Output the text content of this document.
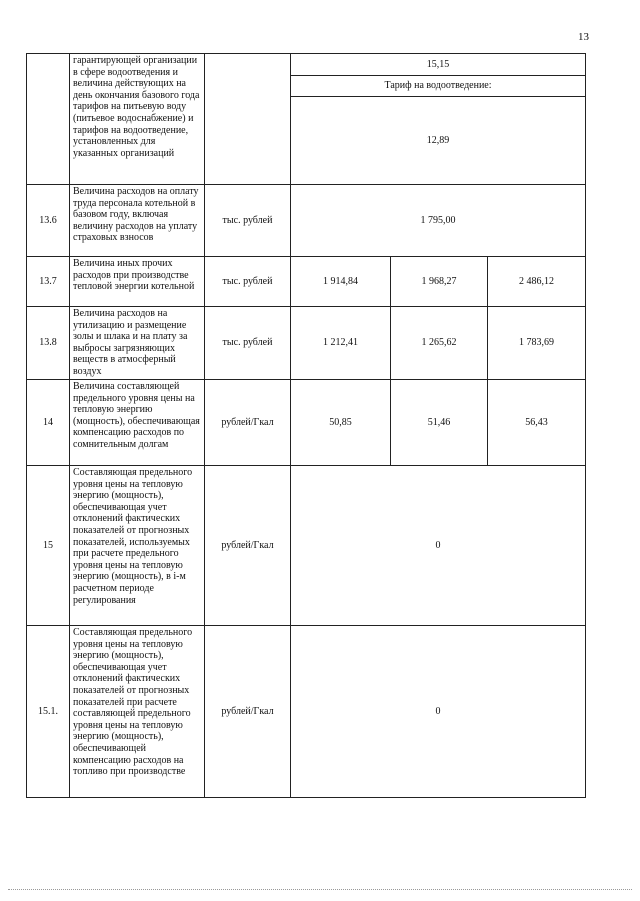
13
	гарантирующей организации в сфере водоотведения и величина действующих на день окончания базового года тарифов на питьевую воду (питьевое водоснабжение) и тарифов на водоотведение, установленных для указанных организаций		15,15		
			Тариф на водоотведение:		
			12,89		
13.6	Величина расходов на оплату труда персонала котельной в базовом году, включая величину расходов на уплату страховых взносов	тыс. рублей	1 795,00		
13.7	Величина иных прочих расходов при производстве тепловой энергии котельной	тыс. рублей	1 914,84	1 968,27	2 486,12
13.8	Величина расходов на утилизацию и размещение золы и шлака и на плату за выбросы загрязняющих веществ в атмосферный воздух	тыс. рублей	1 212,41	1 265,62	1 783,69
14	Величина составляющей предельного уровня цены на тепловую энергию (мощность), обеспечивающая компенсацию расходов по сомнительным долгам	рублей/Гкал	50,85	51,46	56,43
15	Составляющая предельного уровня цены на тепловую энергию (мощность), обеспечивающая учет отклонений фактических показателей от прогнозных показателей, используемых при расчете предельного уровня цены на тепловую энергию (мощность), в i-м расчетном периоде регулирования	рублей/Гкал	0		
15.1.	Составляющая предельного уровня цены на тепловую энергию (мощность), обеспечивающая учет отклонений фактических показателей от прогнозных показателей при расчете составляющей предельного уровня цены на тепловую энергию (мощность), обеспечивающей компенсацию расходов на топливо при производстве	рублей/Гкал	0		
